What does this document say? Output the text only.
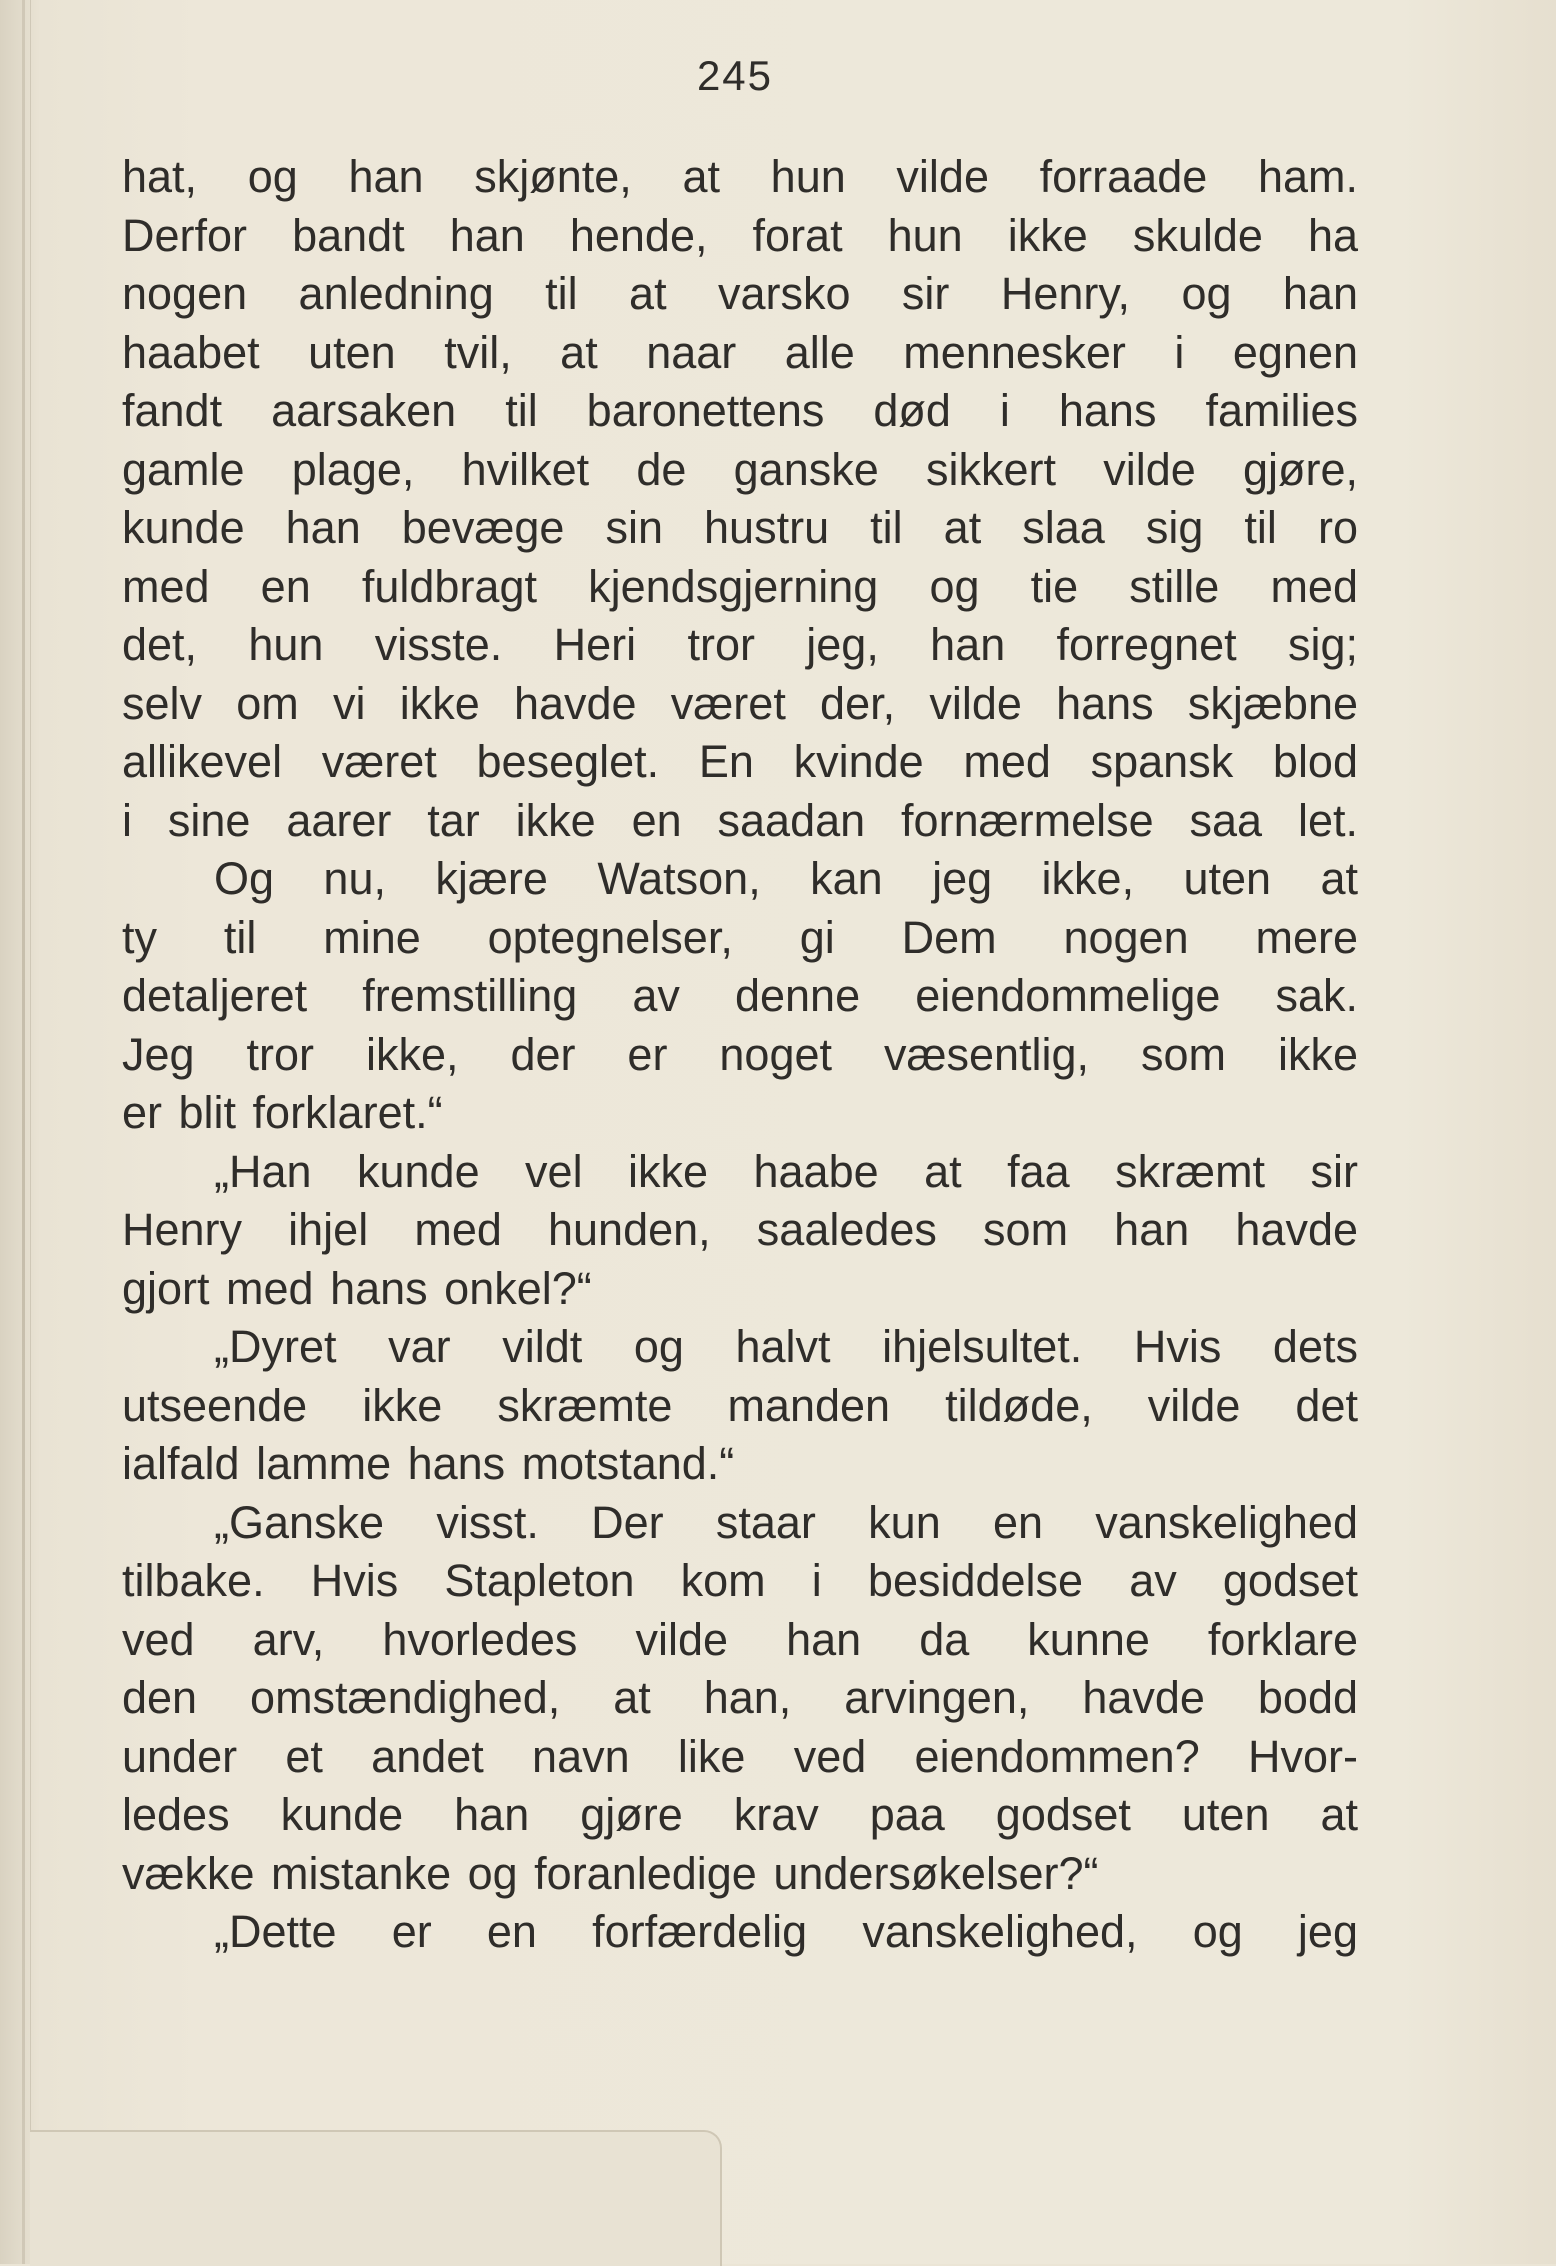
245
hat, og han skjønte, at hun vilde forraade ham.
Derfor bandt han hende, forat hun ikke skulde ha
nogen anledning til at varsko sir Henry, og han
haabet uten tvil, at naar alle mennesker i egnen
fandt aarsaken til baronettens død i hans families
gamle plage, hvilket de ganske sikkert vilde gjøre,
kunde han bevæge sin hustru til at slaa sig til ro
med en fuldbragt kjendsgjerning og tie stille med
det, hun visste. Heri tror jeg, han forregnet sig;
selv om vi ikke havde været der, vilde hans skjæbne
allikevel været beseglet. En kvinde med spansk blod
i sine aarer tar ikke en saadan fornærmelse saa let.
Og nu, kjære Watson, kan jeg ikke, uten at
ty til mine optegnelser, gi Dem nogen mere
detaljeret fremstilling av denne eiendommelige sak.
Jeg tror ikke, der er noget væsentlig, som ikke
er blit forklaret.“
„Han kunde vel ikke haabe at faa skræmt sir
Henry ihjel med hunden, saaledes som han havde
gjort med hans onkel?“
„Dyret var vildt og halvt ihjelsultet. Hvis dets
utseende ikke skræmte manden tildøde, vilde det
ialfald lamme hans motstand.“
„Ganske visst. Der staar kun en vanskelighed
tilbake. Hvis Stapleton kom i besiddelse av godset
ved arv, hvorledes vilde han da kunne forklare
den omstændighed, at han, arvingen, havde bodd
under et andet navn like ved eiendommen? Hvor-
ledes kunde han gjøre krav paa godset uten at
vække mistanke og foranledige undersøkelser?“
„Dette er en forfærdelig vanskelighed, og jeg
